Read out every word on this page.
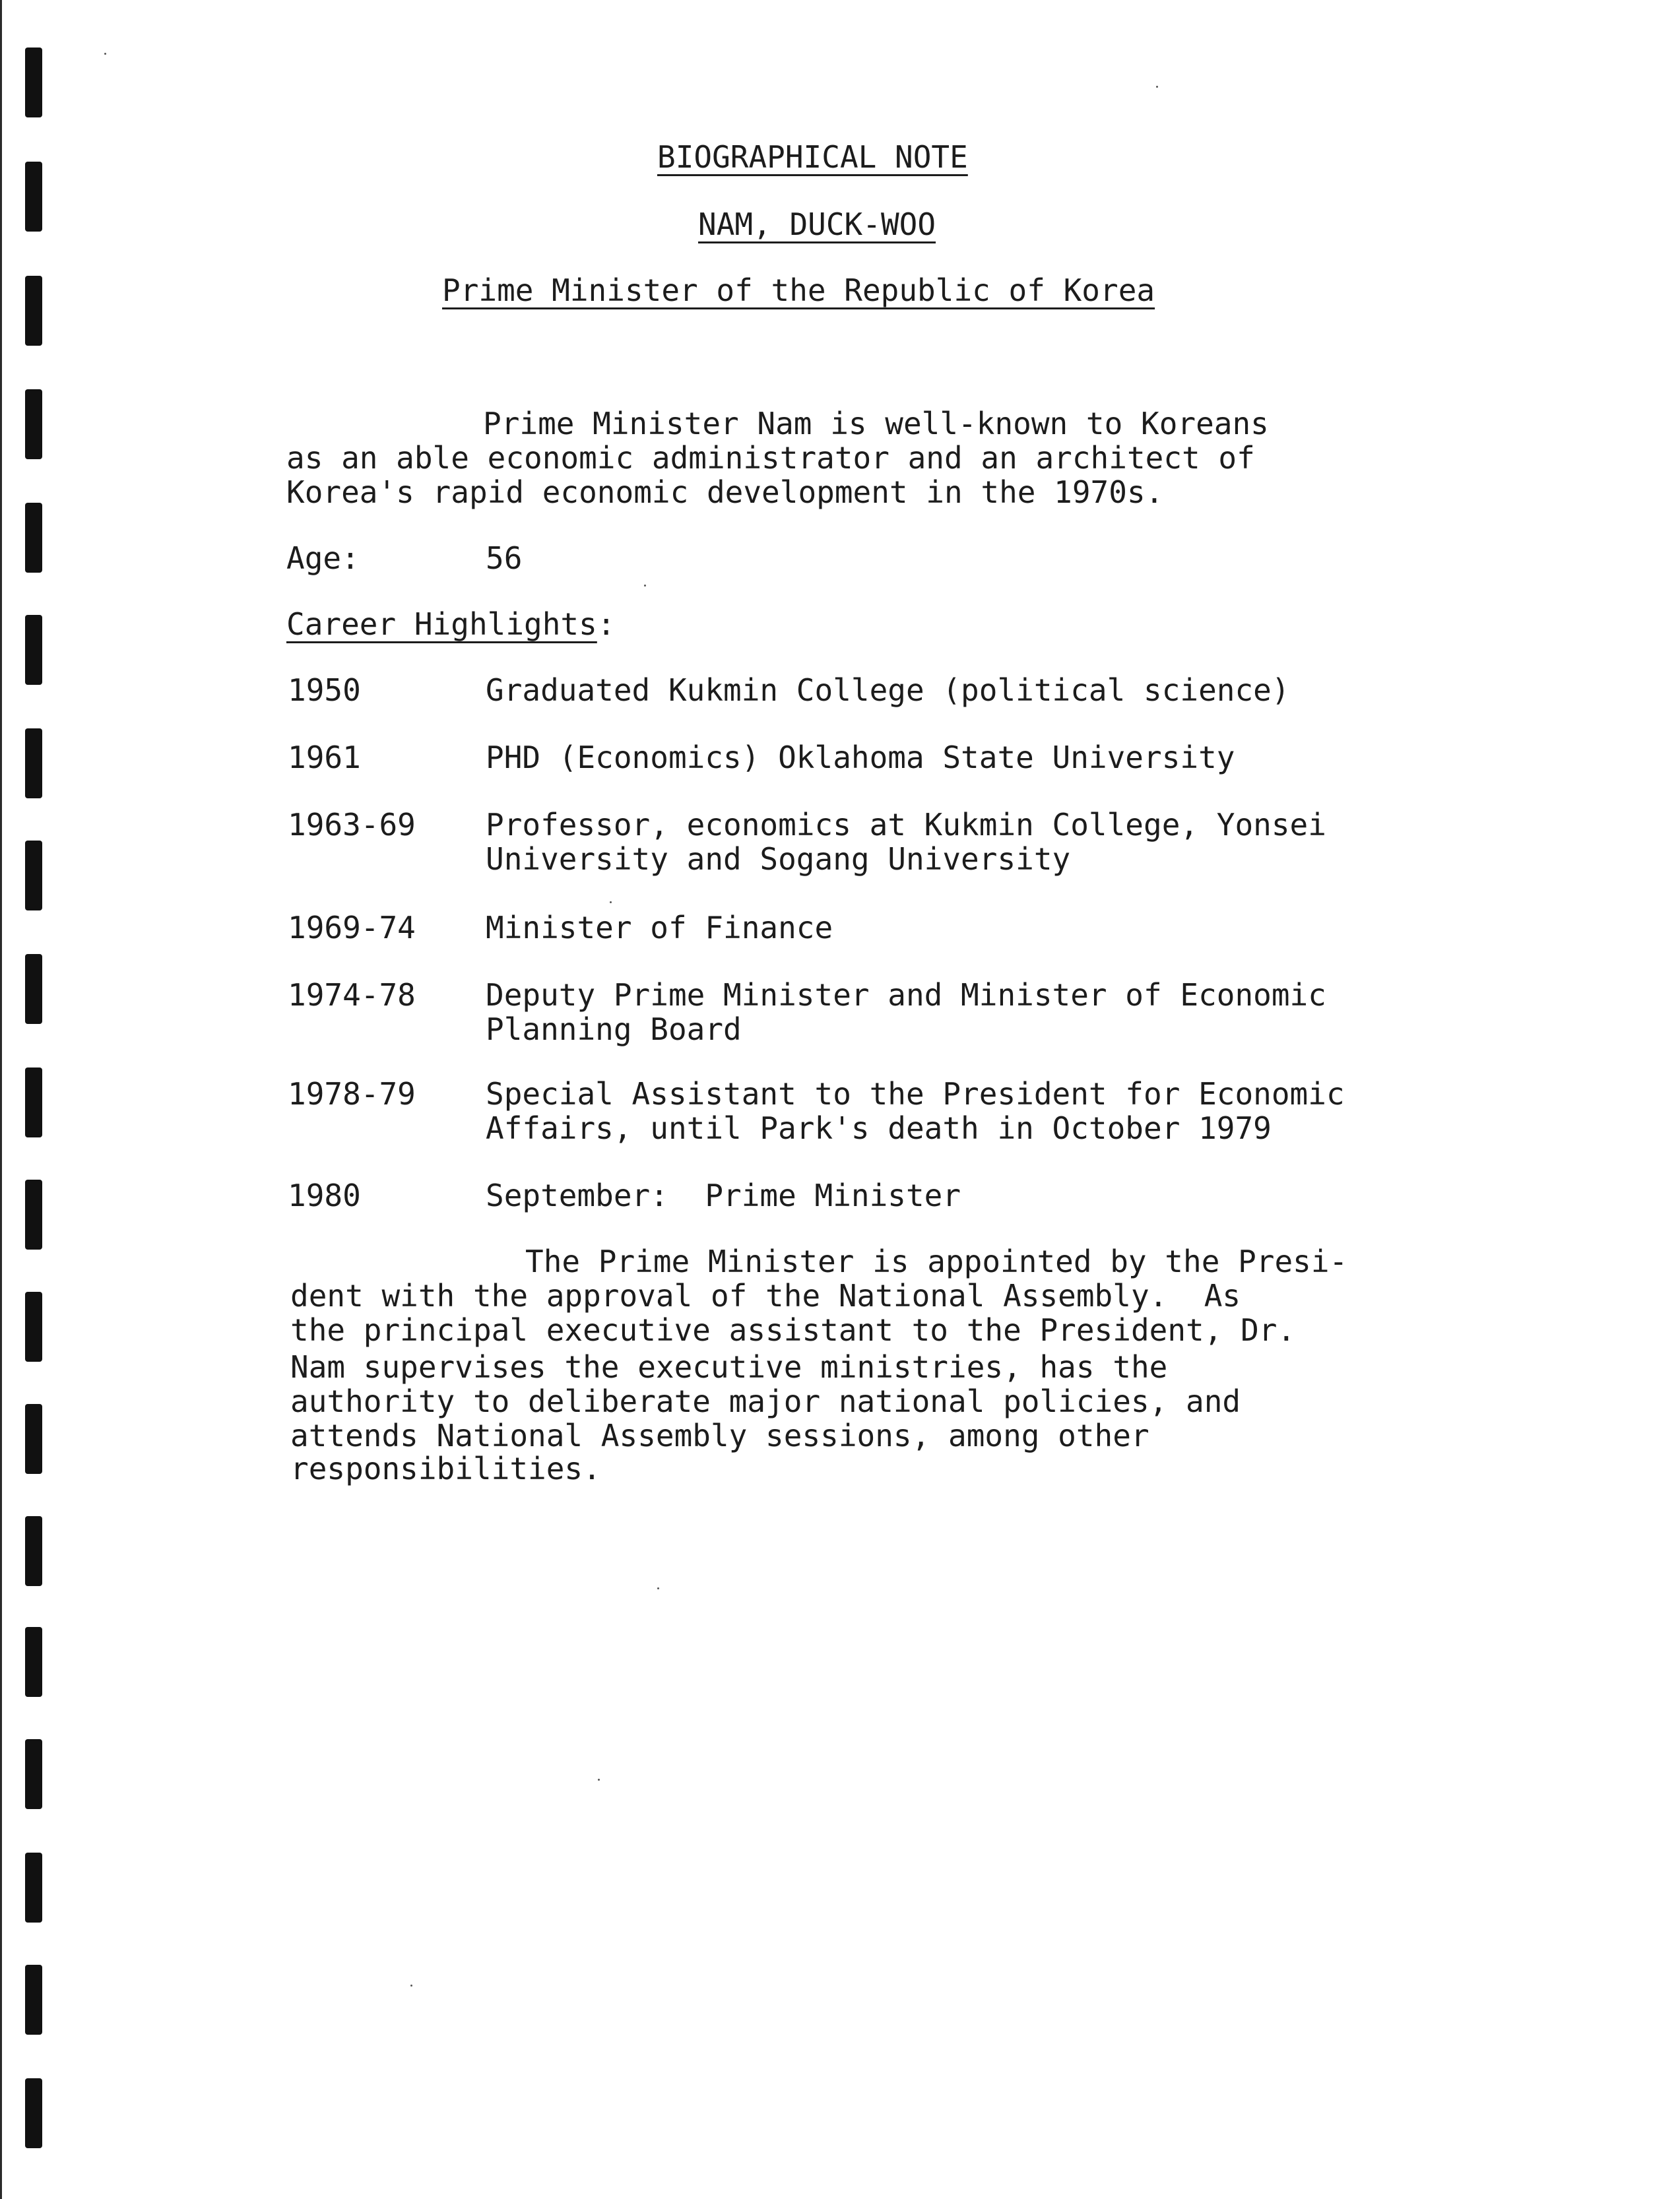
BIOGRAPHICAL NOTE
NAM, DUCK-WOO
Prime Minister of the Republic of Korea
Prime Minister Nam is well-known to Koreans
as an able economic administrator and an architect of
Korea's rapid economic development in the 1970s.
Age:	56
Career Highlights:
1950	Graduated Kukmin College (political science)
1961	PHD (Economics) Oklahoma State University
1963-69 Professor, economics at Kukmin College, Yonsei
University and Sogang University
1969-74 Minister of Finance
1974-78 Deputy Prime Minister and Minister of Economic
Planning Board
1978-79 Special Assistant to the President for Economic
Affairs, until Park's death in October 1979
1980	September:  Prime Minister
The Prime Minister is appointed by the Presi-
dent with the approval of the National Assembly.  As
the principal executive assistant to the President, Dr.
Nam supervises the executive ministries, has the
authority to deliberate major national policies, and
attends National Assembly sessions, among other
responsibilities.
